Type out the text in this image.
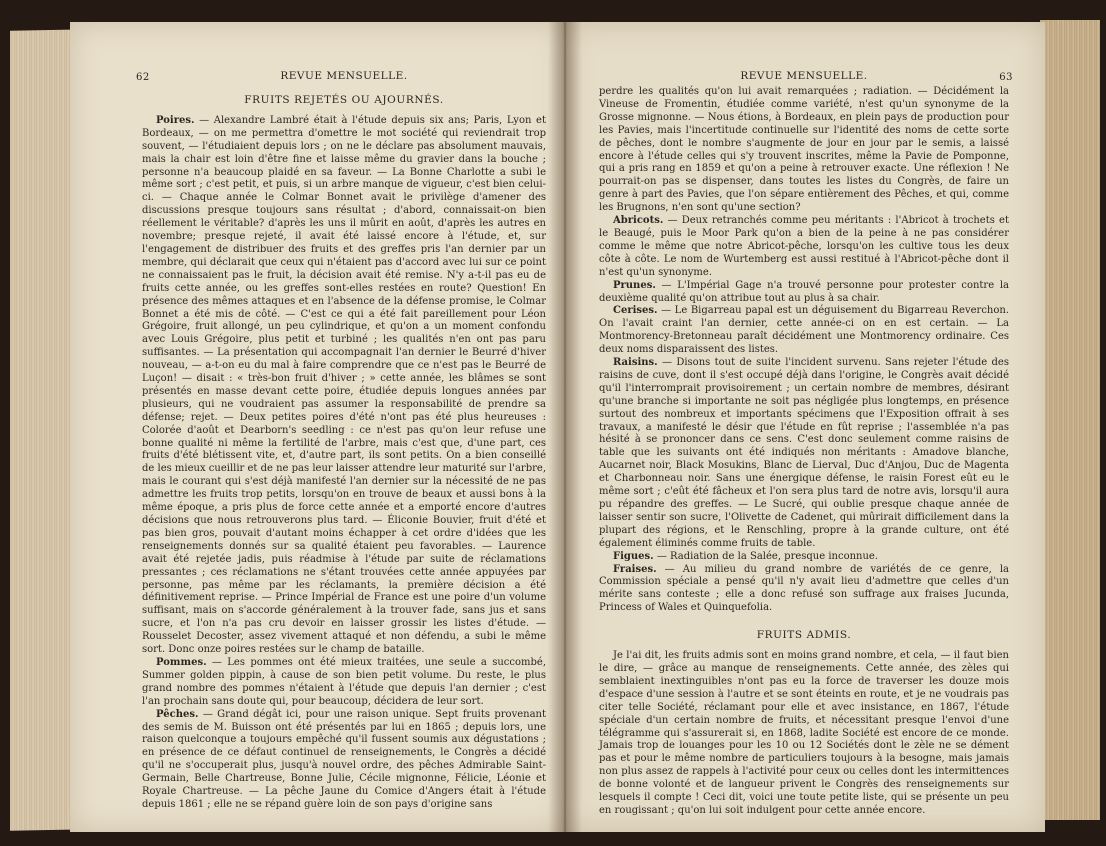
62	REVUE MENSUELLE.
FRUITS REJETÉS OU AJOURNÉS.

Poires. — Alexandre Lambré était à l'étude depuis six ans; Paris, Lyon et Bordeaux, — on me permettra d'omettre le mot société qui reviendrait trop souvent, — l'étudiaient depuis lors ; on ne le déclare pas absolument mauvais, mais la chair est loin d'être fine et laisse même du gravier dans la bouche ; personne n'a beaucoup plaidé en sa faveur. — La Bonne Charlotte a subi le même sort ; c'est petit, et puis, si un arbre manque de vigueur, c'est bien celui-ci. — Chaque année le Colmar Bonnet avait le privilège d'amener des discussions presque toujours sans résultat ; d'abord, connaissait-on bien réellement le véritable? d'après les uns il mûrit en août, d'après les autres en novembre; presque rejeté, il avait été laissé encore à l'étude, et, sur l'engagement de distribuer des fruits et des greffes pris l'an dernier par un membre, qui déclarait que ceux qui n'étaient pas d'accord avec lui sur ce point ne connaissaient pas le fruit, la décision avait été remise. N'y a-t-il pas eu de fruits cette année, ou les greffes sont-elles restées en route? Question! En présence des mêmes attaques et en l'absence de la défense promise, le Colmar Bonnet a été mis de côté. — C'est ce qui a été fait pareillement pour Léon Grégoire, fruit allongé, un peu cylindrique, et qu'on a un moment confondu avec Louis Grégoire, plus petit et turbiné ; les qualités n'en ont pas paru suffisantes. — La présentation qui accompagnait l'an dernier le Beurré d'hiver nouveau, — a-t-on eu du mal à faire comprendre que ce n'est pas le Beurré de Luçon! — disait : « très-bon fruit d'hiver ; » cette année, les blâmes se sont présentés en masse devant cette poire, étudiée depuis longues années par plusieurs, qui ne voudraient pas assumer la responsabilité de prendre sa défense; rejet. — Deux petites poires d'été n'ont pas été plus heureuses : Colorée d'août et Dearborn's seedling : ce n'est pas qu'on leur refuse une bonne qualité ni même la fertilité de l'arbre, mais c'est que, d'une part, ces fruits d'été blétissent vite, et, d'autre part, ils sont petits. On a bien conseillé de les mieux cueillir et de ne pas leur laisser attendre leur maturité sur l'arbre, mais le courant qui s'est déjà manifesté l'an dernier sur la nécessité de ne pas admettre les fruits trop petits, lorsqu'on en trouve de beaux et aussi bons à la même époque, a pris plus de force cette année et a emporté encore d'autres décisions que nous retrouverons plus tard. — Éliconie Bouvier, fruit d'été et pas bien gros, pouvait d'autant moins échapper à cet ordre d'idées que les renseignements donnés sur sa qualité étaient peu favorables. — Laurence avait été rejetée jadis, puis réadmise à l'étude par suite de réclamations pressantes ; ces réclamations ne s'étant trouvées cette année appuyées par personne, pas même par les réclamants, la première décision a été définitivement reprise. — Prince Impérial de France est une poire d'un volume suffisant, mais on s'accorde généralement à la trouver fade, sans jus et sans sucre, et l'on n'a pas cru devoir en laisser grossir les listes d'étude. — Rousselet Decoster, assez vivement attaqué et non défendu, a subi le même sort. Donc onze poires restées sur le champ de bataille.

Pommes. — Les pommes ont été mieux traitées, une seule a succombé, Summer golden pippin, à cause de son bien petit volume. Du reste, le plus grand nombre des pommes n'étaient à l'étude que depuis l'an dernier ; c'est l'an prochain sans doute qui, pour beaucoup, décidera de leur sort.

Pêches. — Grand dégât ici, pour une raison unique. Sept fruits provenant des semis de M. Buisson ont été présentés par lui en 1865 ; depuis lors, une raison quelconque a toujours empêché qu'il fussent soumis aux dégustations ; en présence de ce défaut continuel de renseignements, le Congrès a décidé qu'il ne s'occuperait plus, jusqu'à nouvel ordre, des pêches Admirable Saint-Germain, Belle Chartreuse, Bonne Julie, Cécile mignonne, Félicie, Léonie et Royale Chartreuse. — La pêche Jaune du Comice d'Angers était à l'étude depuis 1861 ; elle ne se répand guère loin de son pays d'origine sans

REVUE MENSUELLE.	63

perdre les qualités qu'on lui avait remarquées ; radiation. — Décidément la Vineuse de Fromentin, étudiée comme variété, n'est qu'un synonyme de la Grosse mignonne. — Nous étions, à Bordeaux, en plein pays de production pour les Pavies, mais l'incertitude continuelle sur l'identité des noms de cette sorte de pêches, dont le nombre s'augmente de jour en jour par le semis, a laissé encore à l'étude celles qui s'y trouvent inscrites, même la Pavie de Pomponne, qui a pris rang en 1859 et qu'on a peine à retrouver exacte. Une réflexion ! Ne pourrait-on pas se dispenser, dans toutes les listes du Congrès, de faire un genre à part des Pavies, que l'on sépare entièrement des Pêches, et qui, comme les Brugnons, n'en sont qu'une section?

Abricots. — Deux retranchés comme peu méritants : l'Abricot à trochets et le Beaugé, puis le Moor Park qu'on a bien de la peine à ne pas considérer comme le même que notre Abricot-pêche, lorsqu'on les cultive tous les deux côte à côte. Le nom de Wurtemberg est aussi restitué à l'Abricot-pêche dont il n'est qu'un synonyme.

Prunes. — L'Impérial Gage n'a trouvé personne pour protester contre la deuxième qualité qu'on attribue tout au plus à sa chair.

Cerises. — Le Bigarreau papal est un déguisement du Bigarreau Reverchon. On l'avait craint l'an dernier, cette année-ci on en est certain. — La Montmorency-Bretonneau paraît décidément une Montmorency ordinaire. Ces deux noms disparaissent des listes.

Raisins. — Disons tout de suite l'incident survenu. Sans rejeter l'étude des raisins de cuve, dont il s'est occupé déjà dans l'origine, le Congrès avait décidé qu'il l'interromprait provisoirement ; un certain nombre de membres, désirant qu'une branche si importante ne soit pas négligée plus longtemps, en présence surtout des nombreux et importants spécimens que l'Exposition offrait à ses travaux, a manifesté le désir que l'étude en fût reprise ; l'assemblée n'a pas hésité à se prononcer dans ce sens. C'est donc seulement comme raisins de table que les suivants ont été indiqués non méritants : Amadove blanche, Aucarnet noir, Black Mosukins, Blanc de Lierval, Duc d'Anjou, Duc de Magenta et Charbonneau noir. Sans une énergique défense, le raisin Forest eût eu le même sort ; c'eût été fâcheux et l'on sera plus tard de notre avis, lorsqu'il aura pu répandre des greffes. — Le Sucré, qui oublie presque chaque année de laisser sentir son sucre, l'Olivette de Cadenet, qui mûrirait difficilement dans la plupart des régions, et le Renschling, propre à la grande culture, ont été également éliminés comme fruits de table.

Figues. — Radiation de la Salée, presque inconnue.

Fraises. — Au milieu du grand nombre de variétés de ce genre, la Commission spéciale a pensé qu'il n'y avait lieu d'admettre que celles d'un mérite sans conteste ; elle a donc refusé son suffrage aux fraises Jucunda, Princess of Wales et Quinquefolia.

FRUITS ADMIS.

Je l'ai dit, les fruits admis sont en moins grand nombre, et cela, — il faut bien le dire, — grâce au manque de renseignements. Cette année, des zèles qui semblaient inextinguibles n'ont pas eu la force de traverser les douze mois d'espace d'une session à l'autre et se sont éteints en route, et je ne voudrais pas citer telle Société, réclamant pour elle et avec insistance, en 1867, l'étude spéciale d'un certain nombre de fruits, et nécessitant presque l'envoi d'une télégramme qui s'assurerait si, en 1868, ladite Société est encore de ce monde. Jamais trop de louanges pour les 10 ou 12 Sociétés dont le zèle ne se dément pas et pour le même nombre de particuliers toujours à la besogne, mais jamais non plus assez de rappels à l'activité pour ceux ou celles dont les intermittences de bonne volonté et de langueur privent le Congrès des renseignements sur lesquels il compte ! Ceci dit, voici une toute petite liste, qui se présente un peu en rougissant ; qu'on lui soit indulgent pour cette année encore.
